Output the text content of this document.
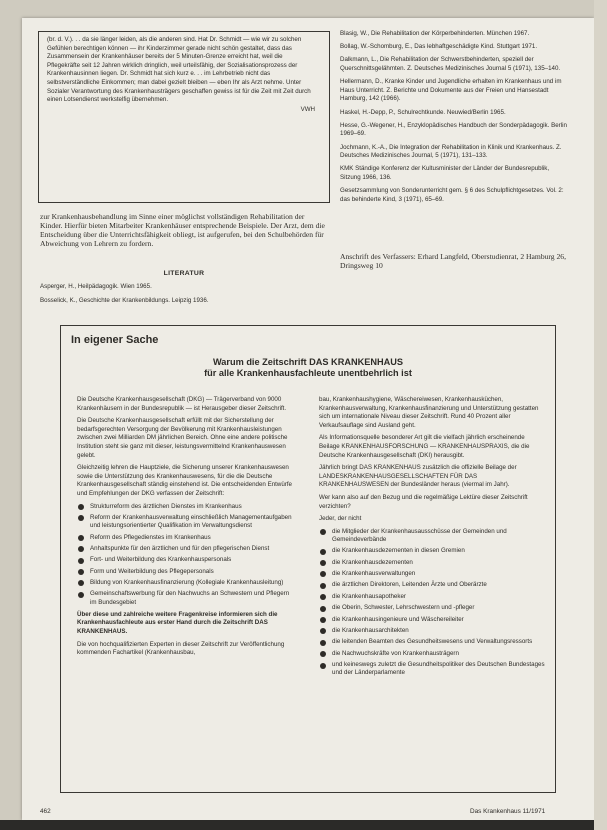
(br. d. V.). . . da sie länger leiden, als die anderen sind. Hat Dr. Schmidt — wie wir zu solchen Gefühlen berechtigen können — ihr Kinderzimmer gerade nicht schön gestaltet, dass das Zusammensein der Krankenhäuser bereits der 5 Minuten-Grenze erreicht hat, weil die Pflegekräfte seit 12 Jahren wirklich dringlich, weil urteilsfähig, der Sozialisationsprozess der Krankenhausinnen liegen. Dr. Schmidt hat sich kurz e. . . im Lehrbetrieb nicht das selbstverständliche Einkommen; man dabei gezielt bleiben — eben Ihr als Arzt nehme. Unter Sozialer Verantwortung des Krankenhausträgers geschaffen gewiss ist für die Zeit mit Zeit durch einen Lotsendienst werkstelfig übernehmen.

VWH

zur Krankenhausbehandlung im Sinne einer möglichst vollständigen Rehabilitation der Kinder. Hierfür bieten Mitarbeiter Krankenhäuser entsprechende Beispiele. Der Arzt, dem die Entscheidung über die Unterrichtsfähigkeit obliegt, ist aufgerufen, bei den Schulbehörden für Abweichung von Lehrern zu fordern.

LITERATUR

Asperger, H., Heilpädagogik. Wien 1965.

Bosselick, K., Geschichte der Krankenbildungs. Leipzig 1936.

Blasig, W., Die Rehabilitation der Körperbehinderten. München 1967.

Bollag, W.-Schomburg, E., Das lebhaftgeschädigte Kind. Stuttgart 1971.

Dalkmann, L., Die Rehabilitation der Schwerstbehinderten, speziell der Querschnittsgelähmten. Z. Deutsches Medizinisches Journal 5 (1971), 135–140.

Hellermann, D., Kranke Kinder und Jugendliche erhalten im Krankenhaus und im Haus Unterricht. Z. Berichte und Dokumente aus der Freien und Hansestadt Hamburg, 142 (1966).

Haskel, H.-Depp, P., Schulrechtkunde. Neuwied/Berlin 1965.

Hesse, G.-Wegener, H., Enzyklopädisches Handbuch der Sonderpädagogik. Berlin 1969–69.

Jochmann, K.-A., Die Integration der Rehabilitation in Klinik und Krankenhaus. Z. Deutsches Medizinisches Journal, 5 (1971), 131–133.

KMK Ständige Konferenz der Kultusminister der Länder der Bundesrepublik, Sitzung 1966, 136.

Gesetzsammlung von Sonderunterricht gem. § 6 des Schulpflichtgesetzes. Vol. 2: das behinderte Kind, 3 (1971), 65–69.

Anschrift des Verfassers: Erhard Langfeld, Oberstudienrat, 2 Hamburg 26, Dringsweg 10

In eigener Sache
Warum die Zeitschrift DAS KRANKENHAUS
für alle Krankenhausfachleute unentbehrlich ist

Die Deutsche Krankenhausgesellschaft (DKG) — Trägerverband von 9000 Krankenhäusern in der Bundesrepublik — ist Herausgeber dieser Zeitschrift.

Die Deutsche Krankenhausgesellschaft erfüllt mit der Sicherstellung der bedarfsgerechten Versorgung der Bevölkerung mit Krankenhausleistungen zwischen zwei Milliarden DM jährlichen Bereich. Ohne eine andere politische Institution steht sie ganz mit dieser, leistungsvermittelnd Krankenhauswesen gelebt.

Gleichzeitig lehren die Hauptziele, die Sicherung unserer Krankenhauswesen sowie die Unterstützung des Krankenhauswesens, für die die Deutsche Krankenhausgesellschaft ständig einstehend ist. Die entscheidenden Entwürfe und Empfehlungen der DKG verfassen der Zeitschrift:

Strukturreform des ärztlichen Dienstes im Krankenhaus
Reform der Krankenhausverwaltung einschließlich Managementaufgaben und leistungsorientierter Qualifikation im Verwaltungsdienst
Reform des Pflegedienstes im Krankenhaus
Anhaltspunkte für den ärztlichen und für den pflegerischen Dienst
Fort- und Weiterbildung des Krankenhauspersonals
Form und Weiterbildung des Pflegepersonals
Bildung von Krankenhausfinanzierung (Kollegiale Krankenhausleitung)
Gemeinschaftswerbung für den Nachwuchs an Schwestern und Pflegern im Bundesgebiet

Über diese und zahlreiche weitere Fragenkreise informieren sich die Krankenhausfachleute aus erster Hand durch die Zeitschrift DAS KRANKENHAUS.

Die von hochqualifizierten Experten in dieser Zeitschrift zur Veröffentlichung kommenden Fachartikel (Krankenhausbau,

bau, Krankenhaushygiene, Wäschereiwesen, Krankenhausküchen, Krankenhausverwaltung, Krankenhausfinanzierung und Unterstützung gestatten sich um internationale Niveau dieser Zeitschrift. Rund 40 Prozent aller Verkaufsauflage sind Ausland geht.

Als Informationsquelle besonderer Art gilt die vielfach jährlich erscheinende Beilage KRANKENHAUSFORSCHUNG — KRANKENHAUSPRAXIS, die die Deutsche Krankenhausgesellschaft (DKI) herausgibt.

Jährlich bringt DAS KRANKENHAUS zusätzlich die offizielle Beilage der LANDESKRANKENHAUSGESELLSCHAFTEN FÜR DAS KRANKENHAUSWESEN der Bundesländer heraus (viermal im Jahr).

Wer kann also auf den Bezug und die regelmäßige Lektüre dieser Zeitschrift verzichten?

Jeder, der nicht

die Mitglieder der Krankenhausausschüsse der Gemeinden und Gemeindeverbände
die Krankenhausdezernenten in diesen Gremien
die Krankenhausdezernenten
die Krankenhausverwaltungen
die ärztlichen Direktoren, Leitenden Ärzte und Oberärzte
die Krankenhausapotheker
die Oberin, Schwester, Lehrschwestern und -pfleger
die Krankenhausingenieure und Wäschereileiter
die Krankenhausarchitekten
die leitenden Beamten des Gesundheitswesens und Verwaltungsressorts
die Nachwuchskräfte von Krankenhausträgern
und keineswegs zuletzt die Gesundheitspolitiker des Deutschen Bundestages und der Länderparlamente
462	Das Krankenhaus 11/1971
